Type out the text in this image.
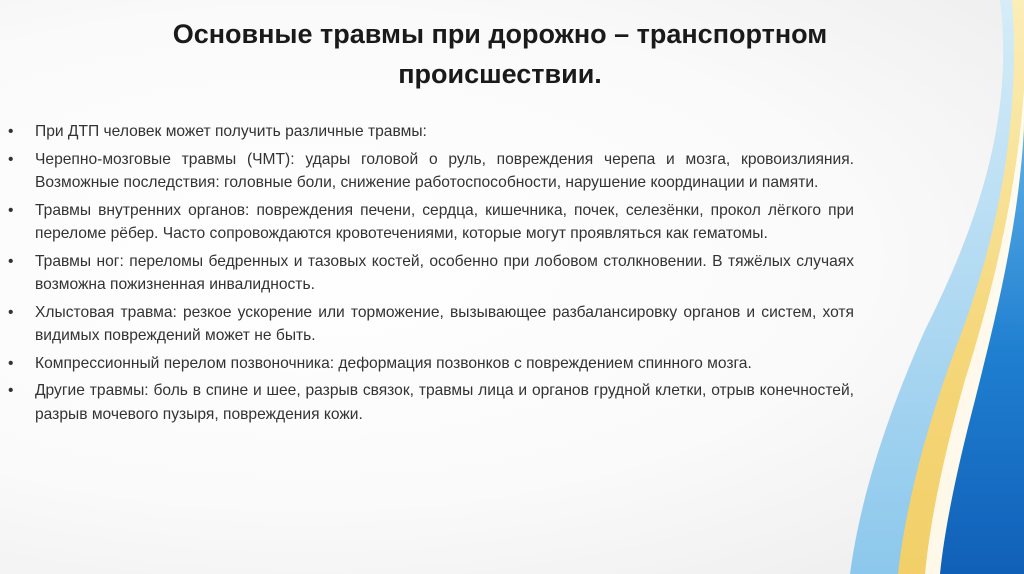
Основные травмы при дорожно – транспортном
происшествии.
• При ДТП человек может получить различные травмы:
• Черепно-мозговые травмы (ЧМТ): удары головой о руль, повреждения черепа и мозга, кровоизлияния. Возможные последствия: головные боли, снижение работоспособности, нарушение координации и памяти.
• Травмы внутренних органов: повреждения печени, сердца, кишечника, почек, селезёнки, прокол лёгкого при переломе рёбер. Часто сопровождаются кровотечениями, которые могут проявляться как гематомы.
• Травмы ног: переломы бедренных и тазовых костей, особенно при лобовом столкновении. В тяжёлых случаях возможна пожизненная инвалидность.
• Хлыстовая травма: резкое ускорение или торможение, вызывающее разбалансировку органов и систем, хотя видимых повреждений может не быть.
• Компрессионный перелом позвоночника: деформация позвонков с повреждением спинного мозга.
• Другие травмы: боль в спине и шее, разрыв связок, травмы лица и органов грудной клетки, отрыв конечностей, разрыв мочевого пузыря, повреждения кожи.
